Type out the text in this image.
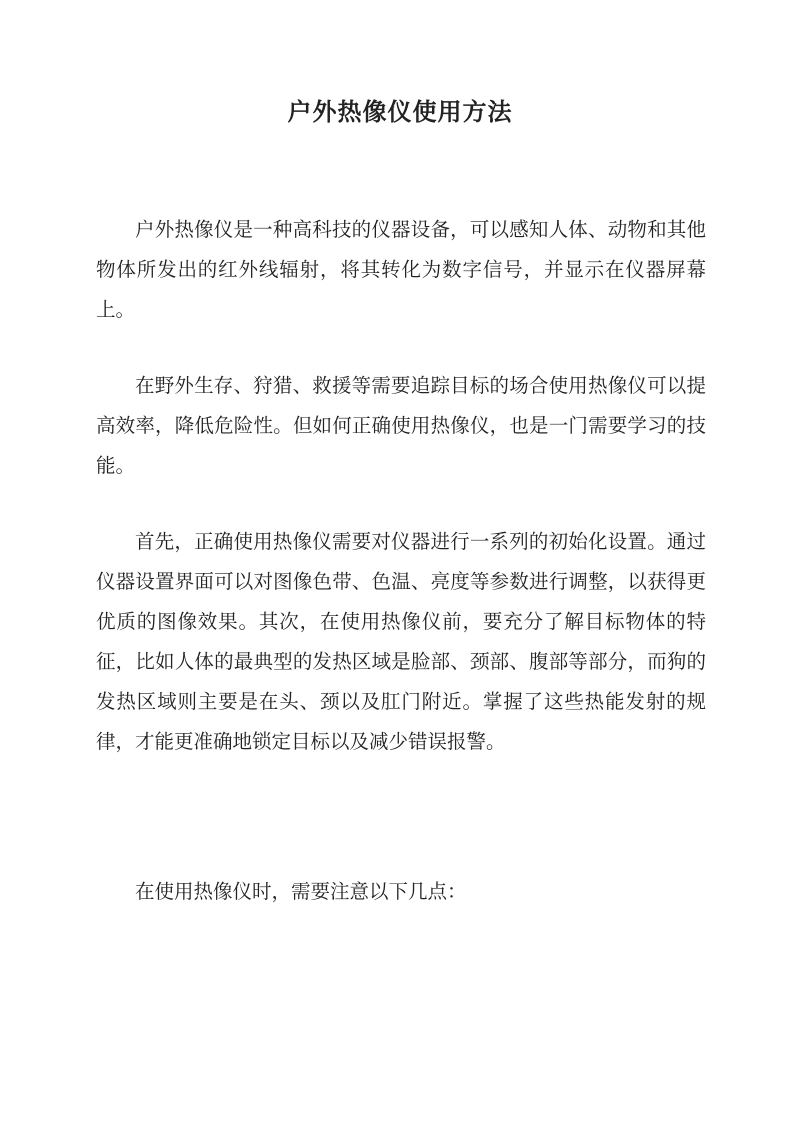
户外热像仪使用方法

户外热像仪是一种高科技的仪器设备，可以感知人体、动物和其他物体所发出的红外线辐射，将其转化为数字信号，并显示在仪器屏幕上。

在野外生存、狩猎、救援等需要追踪目标的场合使用热像仪可以提高效率，降低危险性。但如何正确使用热像仪，也是一门需要学习的技能。

首先，正确使用热像仪需要对仪器进行一系列的初始化设置。通过仪器设置界面可以对图像色带、色温、亮度等参数进行调整，以获得更优质的图像效果。其次，在使用热像仪前，要充分了解目标物体的特征，比如人体的最典型的发热区域是脸部、颈部、腹部等部分，而狗的发热区域则主要是在头、颈以及肛门附近。掌握了这些热能发射的规律，才能更准确地锁定目标以及减少错误报警。

在使用热像仪时，需要注意以下几点：
